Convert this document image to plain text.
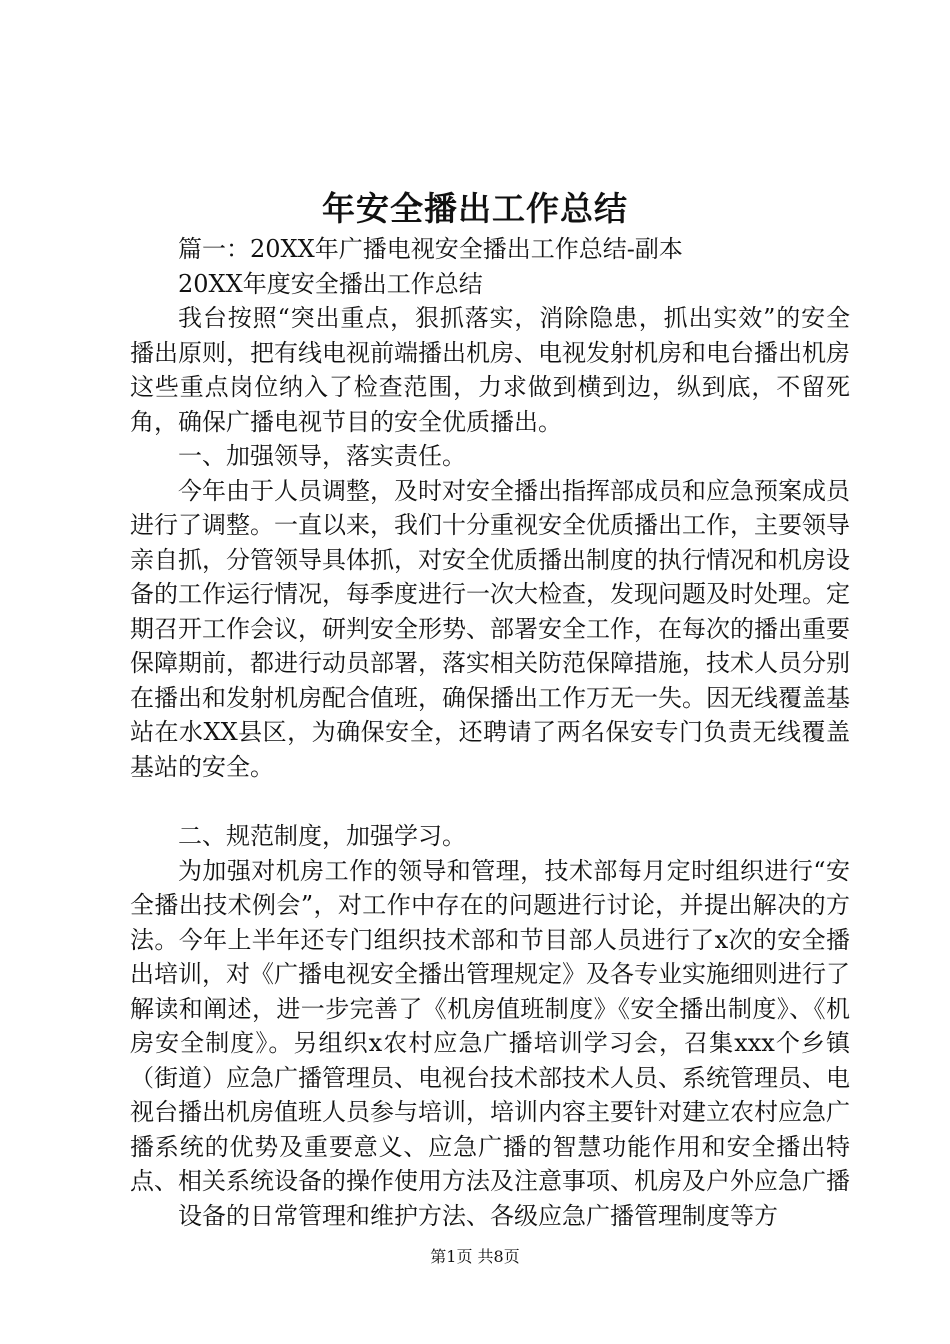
年安全播出工作总结

篇一：20XX年广播电视安全播出工作总结-副本

20XX年度安全播出工作总结

我台按照“突出重点，狠抓落实，消除隐患，抓出实效”的安全播出原则，把有线电视前端播出机房、电视发射机房和电台播出机房这些重点岗位纳入了检查范围，力求做到横到边，纵到底，不留死角，确保广播电视节目的安全优质播出。

一、加强领导，落实责任。

今年由于人员调整，及时对安全播出指挥部成员和应急预案成员进行了调整。一直以来，我们十分重视安全优质播出工作，主要领导亲自抓，分管领导具体抓，对安全优质播出制度的执行情况和机房设备的工作运行情况，每季度进行一次大检查，发现问题及时处理。定期召开工作会议，研判安全形势、部署安全工作，在每次的播出重要保障期前，都进行动员部署，落实相关防范保障措施，技术人员分别在播出和发射机房配合值班，确保播出工作万无一失。因无线覆盖基站在水XX县区，为确保安全，还聘请了两名保安专门负责无线覆盖基站的安全。

二、规范制度，加强学习。

为加强对机房工作的领导和管理，技术部每月定时组织进行“安全播出技术例会”，对工作中存在的问题进行讨论，并提出解决的方法。今年上半年还专门组织技术部和节目部人员进行了x次的安全播出培训，对《广播电视安全播出管理规定》及各专业实施细则进行了解读和阐述，进一步完善了《机房值班制度》《安全播出制度》、《机房安全制度》。另组织x农村应急广播培训学习会，召集xxx个乡镇（街道）应急广播管理员、电视台技术部技术人员、系统管理员、电视台播出机房值班人员参与培训，培训内容主要针对建立农村应急广播系统的优势及重要意义、应急广播的智慧功能作用和安全播出特点、相关系统设备的操作使用方法及注意事项、机房及户外应急广播

设备的日常管理和维护方法、各级应急广播管理制度等方

第1页 共8页
